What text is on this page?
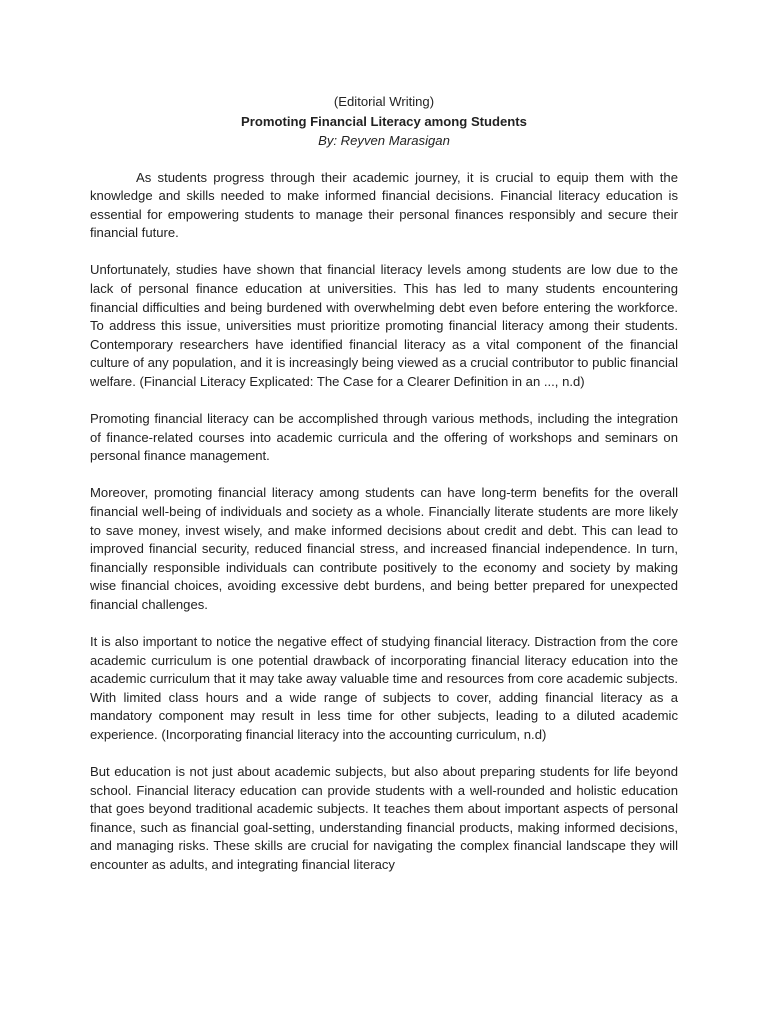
(Editorial Writing)
Promoting Financial Literacy among Students
By: Reyven Marasigan

As students progress through their academic journey, it is crucial to equip them with the knowledge and skills needed to make informed financial decisions. Financial literacy education is essential for empowering students to manage their personal finances responsibly and secure their financial future.

Unfortunately, studies have shown that financial literacy levels among students are low due to the lack of personal finance education at universities. This has led to many students encountering financial difficulties and being burdened with overwhelming debt even before entering the workforce. To address this issue, universities must prioritize promoting financial literacy among their students. Contemporary researchers have identified financial literacy as a vital component of the financial culture of any population, and it is increasingly being viewed as a crucial contributor to public financial welfare. (Financial Literacy Explicated: The Case for a Clearer Definition in an ..., n.d)

Promoting financial literacy can be accomplished through various methods, including the integration of finance-related courses into academic curricula and the offering of workshops and seminars on personal finance management.

Moreover, promoting financial literacy among students can have long-term benefits for the overall financial well-being of individuals and society as a whole. Financially literate students are more likely to save money, invest wisely, and make informed decisions about credit and debt. This can lead to improved financial security, reduced financial stress, and increased financial independence. In turn, financially responsible individuals can contribute positively to the economy and society by making wise financial choices, avoiding excessive debt burdens, and being better prepared for unexpected financial challenges.

It is also important to notice the negative effect of studying financial literacy. Distraction from the core academic curriculum is one potential drawback of incorporating financial literacy education into the academic curriculum that it may take away valuable time and resources from core academic subjects. With limited class hours and a wide range of subjects to cover, adding financial literacy as a mandatory component may result in less time for other subjects, leading to a diluted academic experience. (Incorporating financial literacy into the accounting curriculum, n.d)

But education is not just about academic subjects, but also about preparing students for life beyond school. Financial literacy education can provide students with a well-rounded and holistic education that goes beyond traditional academic subjects. It teaches them about important aspects of personal finance, such as financial goal-setting, understanding financial products, making informed decisions, and managing risks. These skills are crucial for navigating the complex financial landscape they will encounter as adults, and integrating financial literacy
